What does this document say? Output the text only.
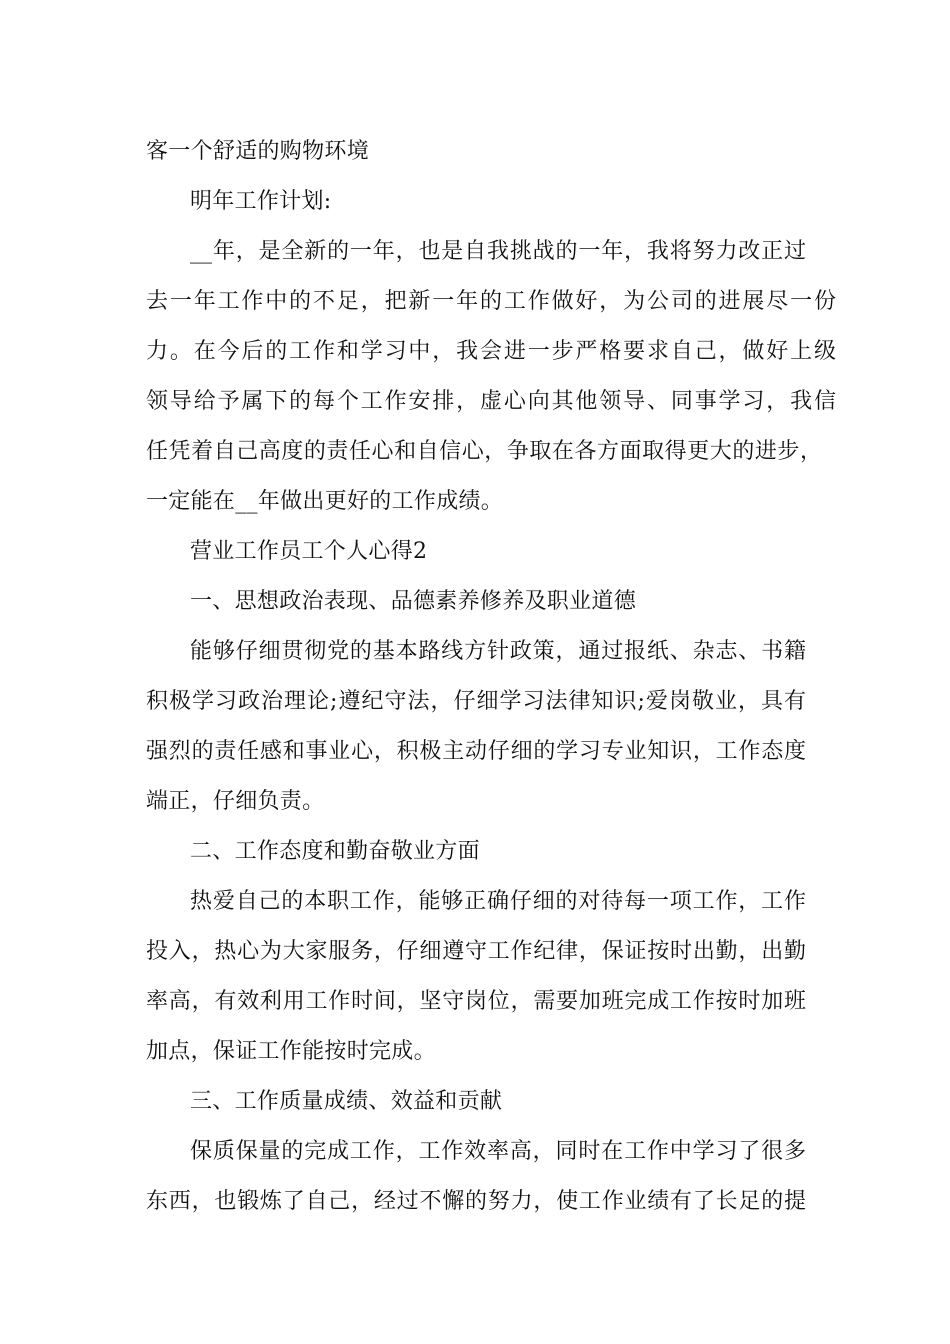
客一个舒适的购物环境
明年工作计划:
__年，是全新的一年，也是自我挑战的一年，我将努力改正过
去一年工作中的不足，把新一年的工作做好，为公司的进展尽一份
力。在今后的工作和学习中，我会进一步严格要求自己，做好上级
领导给予属下的每个工作安排，虚心向其他领导、同事学习，我信
任凭着自己高度的责任心和自信心，争取在各方面取得更大的进步，
一定能在__年做出更好的工作成绩。
营业工作员工个人心得2
一、思想政治表现、品德素养修养及职业道德
能够仔细贯彻党的基本路线方针政策，通过报纸、杂志、书籍
积极学习政治理论;遵纪守法，仔细学习法律知识;爱岗敬业，具有
强烈的责任感和事业心，积极主动仔细的学习专业知识，工作态度
端正，仔细负责。
二、工作态度和勤奋敬业方面
热爱自己的本职工作，能够正确仔细的对待每一项工作，工作
投入，热心为大家服务，仔细遵守工作纪律，保证按时出勤，出勤
率高，有效利用工作时间，坚守岗位，需要加班完成工作按时加班
加点，保证工作能按时完成。
三、工作质量成绩、效益和贡献
保质保量的完成工作，工作效率高，同时在工作中学习了很多
东西，也锻炼了自己，经过不懈的努力，使工作业绩有了长足的提
